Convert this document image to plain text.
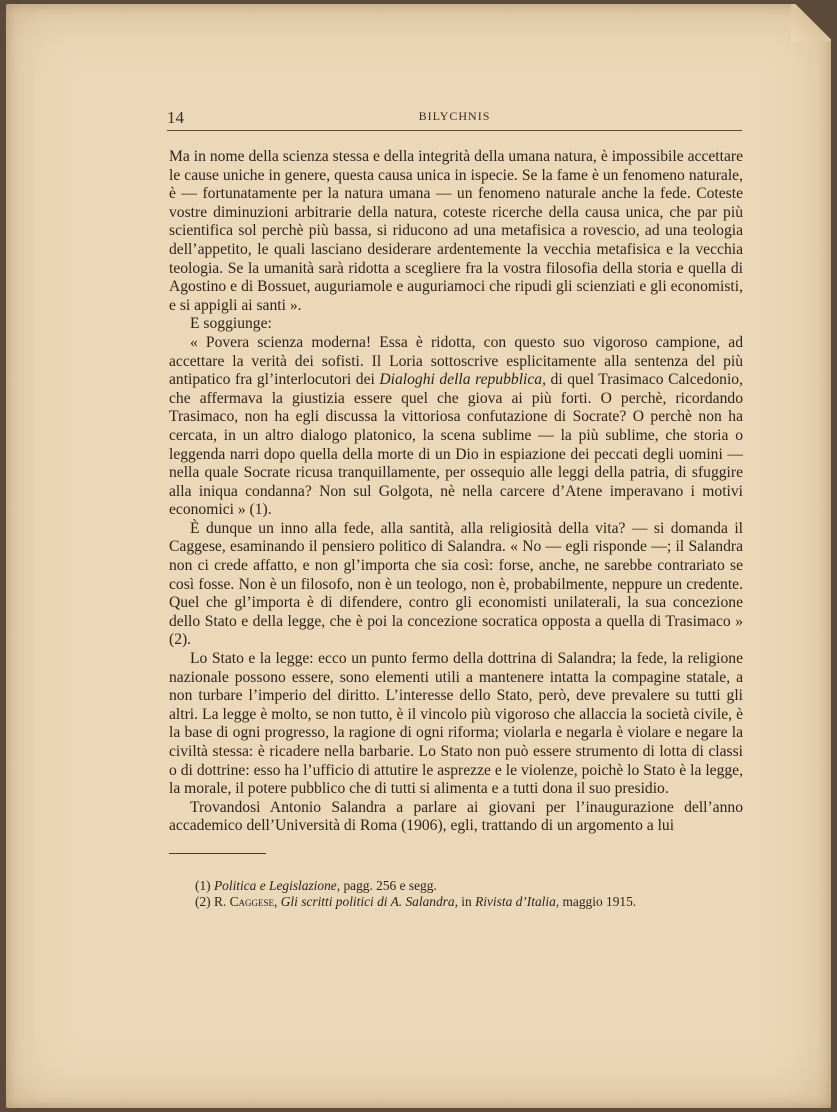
14	BILYCHNIS

Ma in nome della scienza stessa e della integrità della umana natura, è impossibile accettare le cause uniche in genere, questa causa unica in ispecie. Se la fame è un fenomeno naturale, è — fortunatamente per la natura umana — un fenomeno naturale anche la fede. Coteste vostre diminuzioni arbitrarie della natura, coteste ricerche della causa unica, che par più scientifica sol perchè più bassa, si riducono ad una metafisica a rovescio, ad una teologia dell’appetito, le quali lasciano desiderare ardentemente la vecchia metafisica e la vecchia teologia. Se la umanità sarà ridotta a scegliere fra la vostra filosofia della storia e quella di Agostino e di Bossuet, auguriamole e auguriamoci che ripudi gli scienziati e gli economisti, e si appigli ai santi ».

E soggiunge:

« Povera scienza moderna! Essa è ridotta, con questo suo vigoroso campione, ad accettare la verità dei sofisti. Il Loria sottoscrive esplicitamente alla sentenza del più antipatico fra gl’interlocutori dei Dialoghi della repubblica, di quel Trasimaco Calcedonio, che affermava la giustizia essere quel che giova ai più forti. O perchè, ricordando Trasimaco, non ha egli discussa la vittoriosa confutazione di Socrate? O perchè non ha cercata, in un altro dialogo platonico, la scena sublime — la più sublime, che storia o leggenda narri dopo quella della morte di un Dio in espiazione dei peccati degli uomini — nella quale Socrate ricusa tranquillamente, per ossequio alle leggi della patria, di sfuggire alla iniqua condanna? Non sul Golgota, nè nella carcere d’Atene imperavano i motivi economici » (1).

È dunque un inno alla fede, alla santità, alla religiosità della vita? — si domanda il Caggese, esaminando il pensiero politico di Salandra. « No — egli risponde —; il Salandra non ci crede affatto, e non gl’importa che sia così: forse, anche, ne sarebbe contrariato se così fosse. Non è un filosofo, non è un teologo, non è, probabilmente, neppure un credente. Quel che gl’importa è di difendere, contro gli economisti unilaterali, la sua concezione dello Stato e della legge, che è poi la concezione socratica opposta a quella di Trasimaco » (2).

Lo Stato e la legge: ecco un punto fermo della dottrina di Salandra; la fede, la religione nazionale possono essere, sono elementi utili a mantenere intatta la compagine statale, a non turbare l’imperio del diritto. L’interesse dello Stato, però, deve prevalere su tutti gli altri. La legge è molto, se non tutto, è il vincolo più vigoroso che allaccia la società civile, è la base di ogni progresso, la ragione di ogni riforma; violarla e negarla è violare e negare la civiltà stessa: è ricadere nella barbarie. Lo Stato non può essere strumento di lotta di classi o di dottrine: esso ha l’ufficio di attutire le asprezze e le violenze, poichè lo Stato è la legge, la morale, il potere pubblico che di tutti si alimenta e a tutti dona il suo presidio.

Trovandosi Antonio Salandra a parlare ai giovani per l’inaugurazione dell’anno accademico dell’Università di Roma (1906), egli, trattando di un argomento a lui

(1) Politica e Legislazione, pagg. 256 e segg.
(2) R. Caggese, Gli scritti politici di A. Salandra, in Rivista d’Italia, maggio 1915.
